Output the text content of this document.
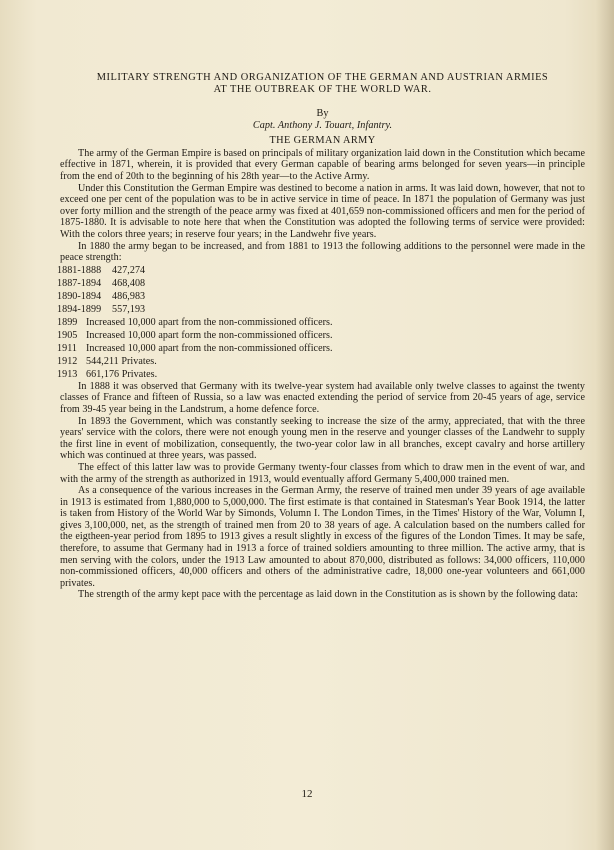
MILITARY STRENGTH AND ORGANIZATION OF THE GERMAN AND AUSTRIAN ARMIES
AT THE OUTBREAK OF THE WORLD WAR.
By
Capt. Anthony J. Touart, Infantry.
THE GERMAN ARMY

The army of the German Empire is based on principals of military organization laid down in the Constitution which became effective in 1871, wherein, it is provided that every German capable of bearing arms belonged for seven years—in principle from the end of 20th to the beginning of his 28th year—to the Active Army.

Under this Constitution the German Empire was destined to become a nation in arms. It was laid down, however, that not to exceed one per cent of the population was to be in active service in time of peace. In 1871 the population of Germany was just over forty million and the strength of the peace army was fixed at 401,659 non-commissioned officers and men for the period of 1875-1880. It is advisable to note here that when the Constitution was adopted the following terms of service were provided: With the colors three years; in reserve four years; in the Landwehr five years.

In 1880 the army began to be increased, and from 1881 to 1913 the following additions to the personnel were made in the peace strength:

1881-1888 427,274
1887-1894 468,408
1890-1894 486,983
1894-1899 557,193
1899 Increased 10,000 apart from the non-commissioned officers.
1905 Increased 10,000 apart form the non-commissioned officers.
1911 Increased 10,000 apart from the non-commissioned officers.
1912 544,211 Privates.
1913 661,176 Privates.

In 1888 it was observed that Germany with its twelve-year system had available only twelve classes to against the twenty classes of France and fifteen of Russia, so a law was enacted extending the period of service from 20-45 years of age, service from 39-45 year being in the Landstrum, a home defence force.

In 1893 the Government, which was constantly seeking to increase the size of the army, appreciated, that with the three years' service with the colors, there were not enough young men in the reserve and younger classes of the Landwehr to supply the first line in event of mobilization, consequently, the two-year color law in all branches, except cavalry and horse artillery which was continued at three years, was passed.

The effect of this latter law was to provide Germany twenty-four classes from which to draw men in the event of war, and with the army of the strength as authorized in 1913, would eventually afford Germany 5,400,000 trained men.

As a consequence of the various increases in the German Army, the reserve of trained men under 39 years of age available in 1913 is estimated from 1,880,000 to 5,000,000. The first estimate is that contained in Statesman's Year Book 1914, the latter is taken from History of the World War by Simonds, Volumn I. The London Times, in the Times' History of the War, Volumn I, gives 3,100,000, net, as the strength of trained men from 20 to 38 years of age. A calculation based on the numbers called for the eigtheen-year period from 1895 to 1913 gives a result slightly in excess of the figures of the London Times. It may be safe, therefore, to assume that Germany had in 1913 a force of trained soldiers amounting to three million. The active army, that is men serving with the colors, under the 1913 Law amounted to about 870,000, distributed as follows: 34,000 officers, 110,000 non-commissioned officers, 40,000 officers and others of the administrative cadre, 18,000 one-year volunteers and 661,000 privates.

The strength of the army kept pace with the percentage as laid down in the Constitution as is shown by the following data:

12
